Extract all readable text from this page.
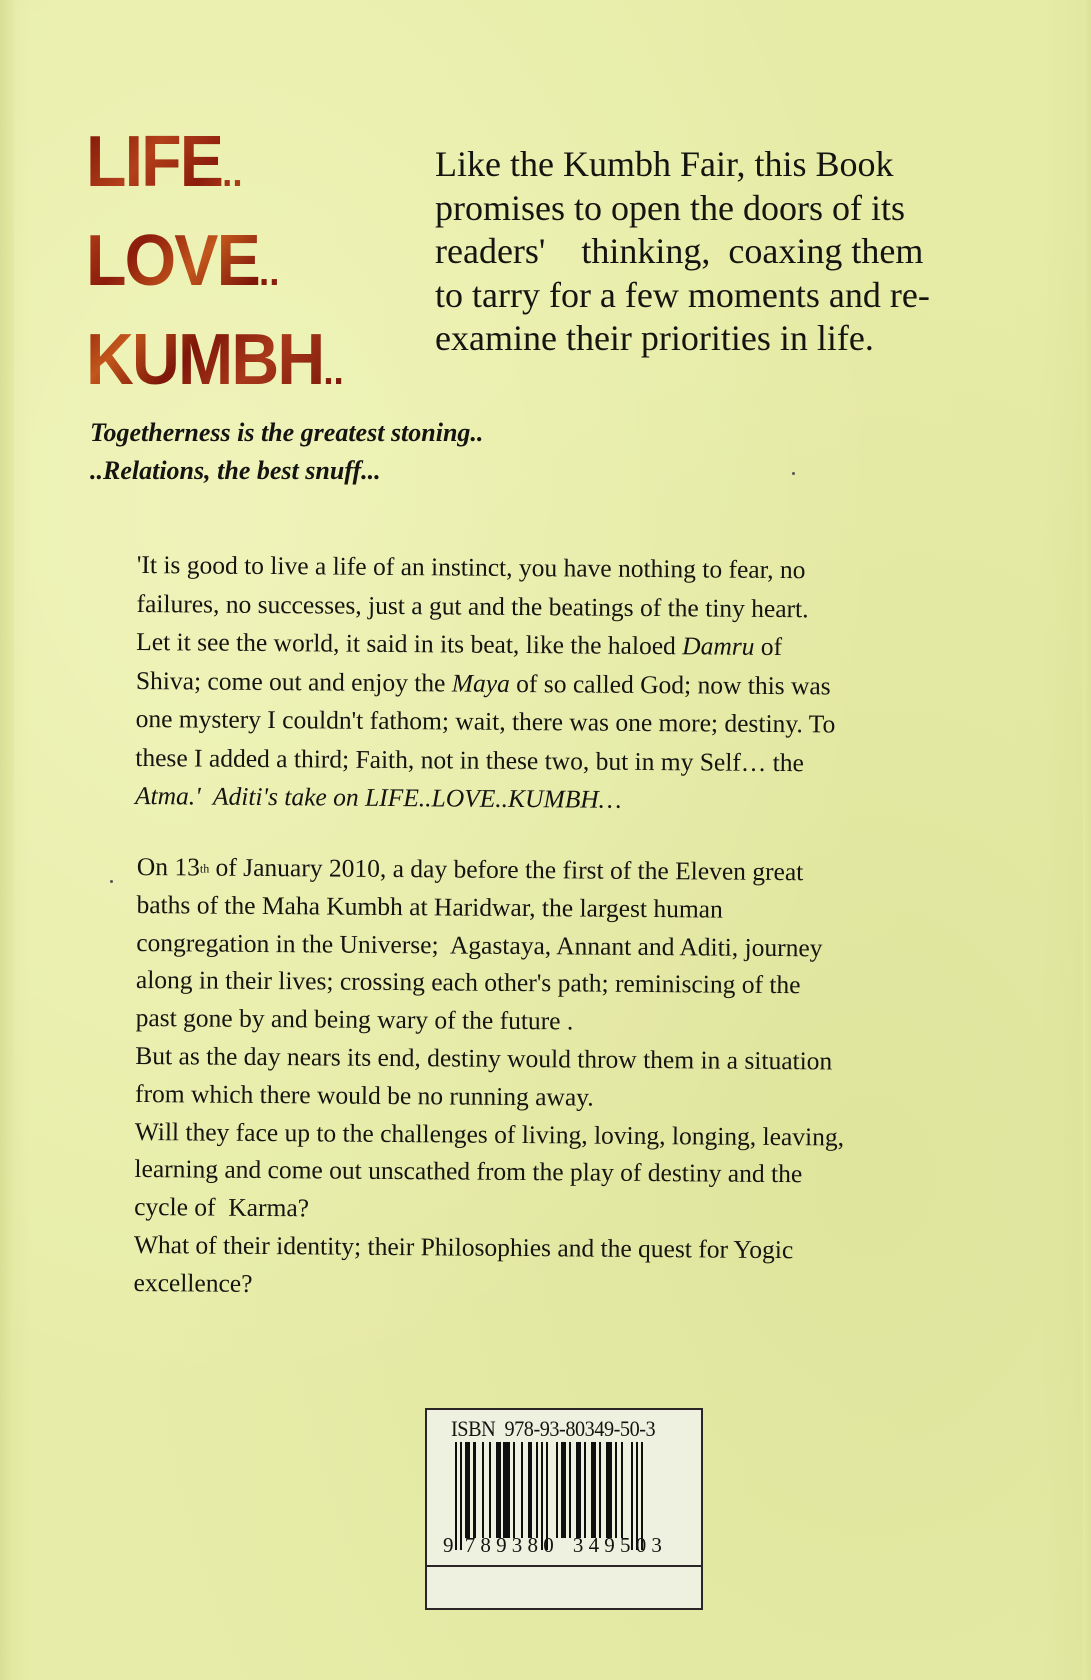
LIFE..
LOVE..
KUMBH..

Like the Kumbh Fair, this Book
promises to open the doors of its
readers'    thinking,  coaxing them
to tarry for a few moments and re-
examine their priorities in life.

Togetherness is the greatest stoning..
..Relations, the best snuff...

'It is good to live a life of an instinct, you have nothing to fear, no
failures, no successes, just a gut and the beatings of the tiny heart.
Let it see the world, it said in its beat, like the haloed Damru of
Shiva; come out and enjoy the Maya of so called God; now this was
one mystery I couldn't fathom; wait, there was one more; destiny. To
these I added a third; Faith, not in these two, but in my Self… the
Atma.'  Aditi's take on LIFE..LOVE..KUMBH…

On 13th of January 2010, a day before the first of the Eleven great
baths of the Maha Kumbh at Haridwar, the largest human
congregation in the Universe;  Agastaya, Annant and Aditi, journey
along in their lives; crossing each other's path; reminiscing of the
past gone by and being wary of the future .
But as the day nears its end, destiny would throw them in a situation
from which there would be no running away.
Will they face up to the challenges of living, loving, longing, leaving,
learning and come out unscathed from the play of destiny and the
cycle of  Karma?
What of their identity; their Philosophies and the quest for Yogic
excellence?

ISBN  978-93-80349-50-3
9 789380 349503
